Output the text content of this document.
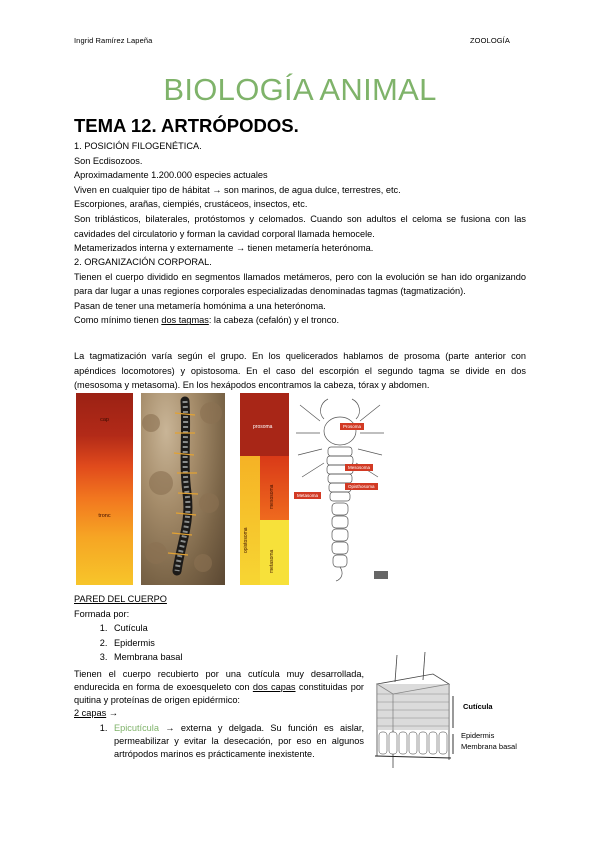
Ingrid Ramírez Lapeña	ZOOLOGÍA
BIOLOGÍA ANIMAL
TEMA 12. ARTRÓPODOS.
1. POSICIÓN FILOGENÉTICA.
Son Ecdisozoos.
Aproximadamente 1.200.000 especies actuales
Viven en cualquier tipo de hábitat → son marinos, de agua dulce, terrestres, etc.
Escorpiones, arañas, ciempiés, crustáceos, insectos, etc.
Son triblásticos, bilaterales, protóstomos y celomados. Cuando son adultos el celoma se fusiona con las cavidades del circulatorio y forman la cavidad corporal llamada hemocele.
Metamerizados interna y externamente → tienen metamería heterónoma.
2. ORGANIZACIÓN CORPORAL.
Tienen el cuerpo dividido en segmentos llamados metámeros, pero con la evolución se han ido organizando para dar lugar a unas regiones corporales especializadas denominadas tagmas (tagmatización).
Pasan de tener una metamería homónima a una heterónoma.
Como mínimo tienen dos tagmas: la cabeza (cefalón) y el tronco.
La tagmatización varía según el grupo. En los quelicerados hablamos de prosoma (parte anterior con apéndices locomotores) y opistosoma. En el caso del escorpión el segundo tagma se divide en dos (mesosoma y metasoma). En los hexápodos encontramos la cabeza, tórax y abdomen.
cap
tronc
prosoma
opistosoma
mesosoma
metasoma
Prosoma
Mesosoma
Metasoma
Opisthosoma
PARED DEL CUERPO
Formada por:
1. Cutícula
2. Epidermis
3. Membrana basal
Tienen el cuerpo recubierto por una cutícula muy desarrollada, endurecida en forma de exoesqueleto con dos capas constituidas por quitina y proteínas de origen epidérmico:
2 capas →
1. Epicutícula → externa y delgada. Su función es aislar, permeabilizar y evitar la desecación, por eso en algunos artrópodos marinos es prácticamente inexistente.
Cutícula
Epidermis
Membrana basal
